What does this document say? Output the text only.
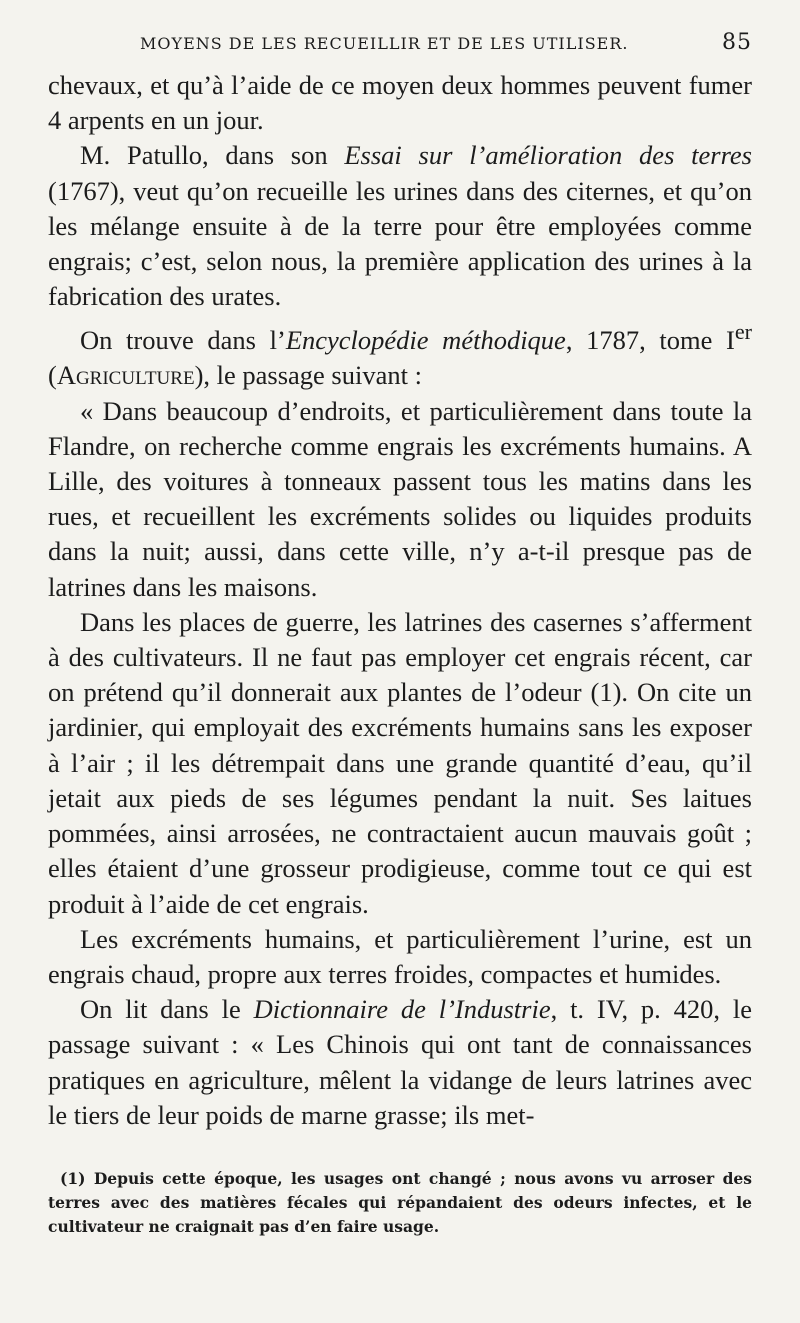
MOYENS DE LES RECUEILLIR ET DE LES UTILISER.	85

chevaux, et qu’à l’aide de ce moyen deux hommes peuvent fumer 4 arpents en un jour.

M. Patullo, dans son Essai sur l’amélioration des terres (1767), veut qu’on recueille les urines dans des citernes, et qu’on les mélange ensuite à de la terre pour être employées comme engrais; c’est, selon nous, la première application des urines à la fabrication des urates.

On trouve dans l’Encyclopédie méthodique, 1787, tome Ier (Agriculture), le passage suivant :

« Dans beaucoup d’endroits, et particulièrement dans toute la Flandre, on recherche comme engrais les excréments humains. A Lille, des voitures à tonneaux passent tous les matins dans les rues, et recueillent les excréments solides ou liquides produits dans la nuit; aussi, dans cette ville, n’y a-t-il presque pas de latrines dans les maisons.

Dans les places de guerre, les latrines des casernes s’afferment à des cultivateurs. Il ne faut pas employer cet engrais récent, car on prétend qu’il donnerait aux plantes de l’odeur (1). On cite un jardinier, qui employait des excréments humains sans les exposer à l’air ; il les détrempait dans une grande quantité d’eau, qu’il jetait aux pieds de ses légumes pendant la nuit. Ses laitues pommées, ainsi arrosées, ne contractaient aucun mauvais goût ; elles étaient d’une grosseur prodigieuse, comme tout ce qui est produit à l’aide de cet engrais.

Les excréments humains, et particulièrement l’urine, est un engrais chaud, propre aux terres froides, compactes et humides.

On lit dans le Dictionnaire de l’Industrie, t. IV, p. 420, le passage suivant : « Les Chinois qui ont tant de connaissances pratiques en agriculture, mêlent la vidange de leurs latrines avec le tiers de leur poids de marne grasse; ils met-

(1) Depuis cette époque, les usages ont changé ; nous avons vu arroser des terres avec des matières fécales qui répandaient des odeurs infectes, et le cultivateur ne craignait pas d’en faire usage.
